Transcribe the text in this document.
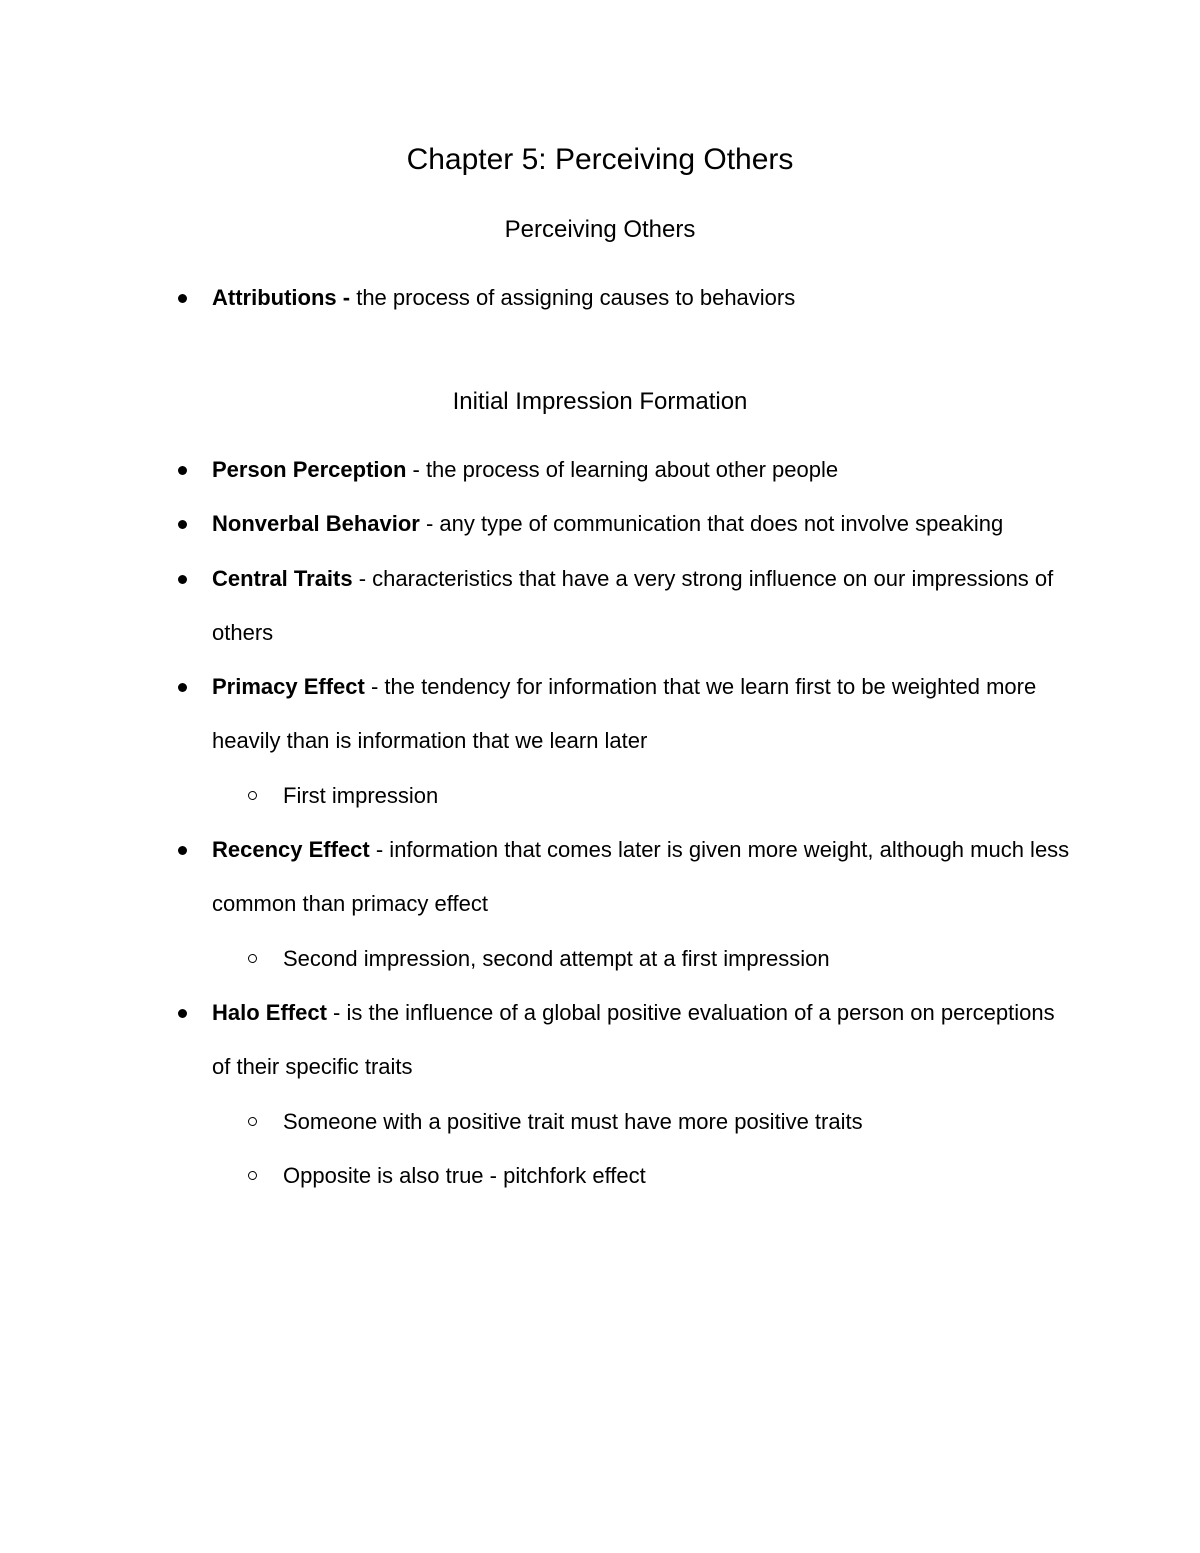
Chapter 5: Perceiving Others
Perceiving Others
Attributions - the process of assigning causes to behaviors
Initial Impression Formation
Person Perception - the process of learning about other people
Nonverbal Behavior - any type of communication that does not involve speaking
Central Traits - characteristics that have a very strong influence on our impressions of others
Primacy Effect - the tendency for information that we learn first to be weighted more heavily than is information that we learn later
First impression
Recency Effect - information that comes later is given more weight, although much less common than primacy effect
Second impression, second attempt at a first impression
Halo Effect - is the influence of a global positive evaluation of a person on perceptions of their specific traits
Someone with a positive trait must have more positive traits
Opposite is also true - pitchfork effect
